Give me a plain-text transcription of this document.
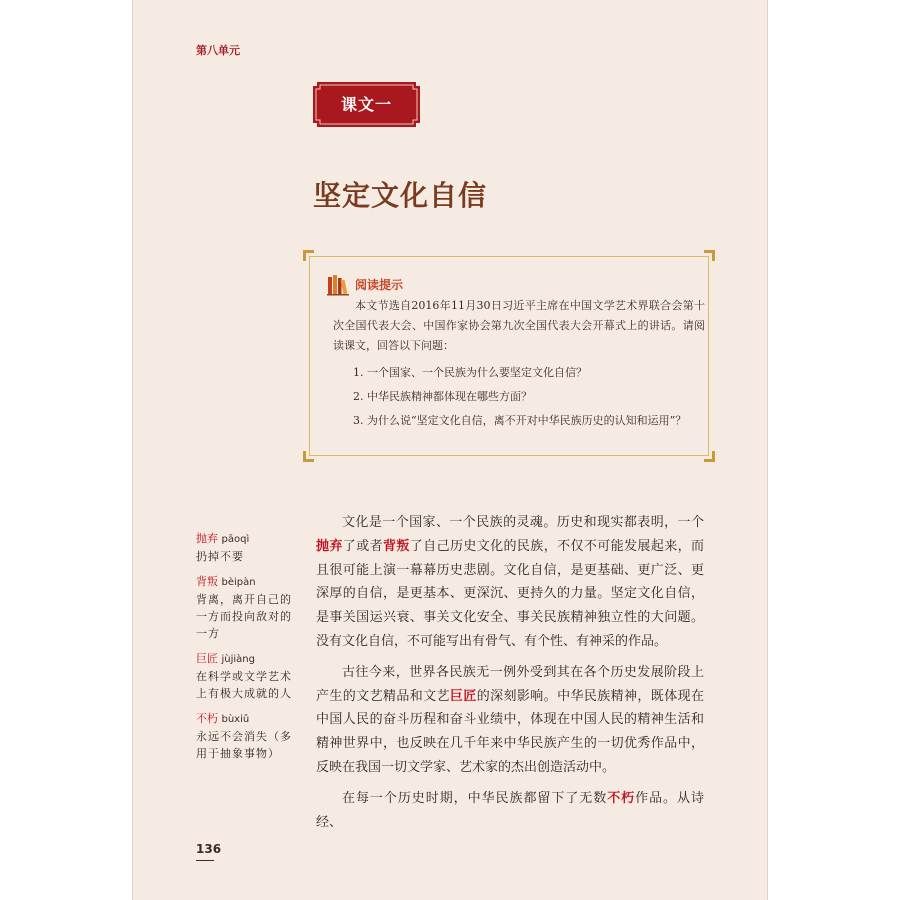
第八单元
课文一
坚定文化自信
阅读提示
本文节选自2016年11月30日习近平主席在中国文学艺术界联合会第十次全国代表大会、中国作家协会第九次全国代表大会开幕式上的讲话。请阅读课文，回答以下问题：
1. 一个国家、一个民族为什么要坚定文化自信？
2. 中华民族精神都体现在哪些方面？
3. 为什么说“坚定文化自信，离不开对中华民族历史的认知和运用”？
抛弃 pāoqì
扔掉不要
背叛 bèipàn
背离，离开自己的一方而投向敌对的一方
巨匠 jùjiàng
在科学或文学艺术上有极大成就的人
不朽 bùxiǔ
永远不会消失（多用于抽象事物）

文化是一个国家、一个民族的灵魂。历史和现实都表明，一个抛弃了或者背叛了自己历史文化的民族，不仅不可能发展起来，而且很可能上演一幕幕历史悲剧。文化自信，是更基础、更广泛、更深厚的自信，是更基本、更深沉、更持久的力量。坚定文化自信，是事关国运兴衰、事关文化安全、事关民族精神独立性的大问题。没有文化自信，不可能写出有骨气、有个性、有神采的作品。

古往今来，世界各民族无一例外受到其在各个历史发展阶段上产生的文艺精品和文艺巨匠的深刻影响。中华民族精神，既体现在中国人民的奋斗历程和奋斗业绩中，体现在中国人民的精神生活和精神世界中，也反映在几千年来中华民族产生的一切优秀作品中，反映在我国一切文学家、艺术家的杰出创造活动中。

在每一个历史时期，中华民族都留下了无数不朽作品。从诗经、

136
